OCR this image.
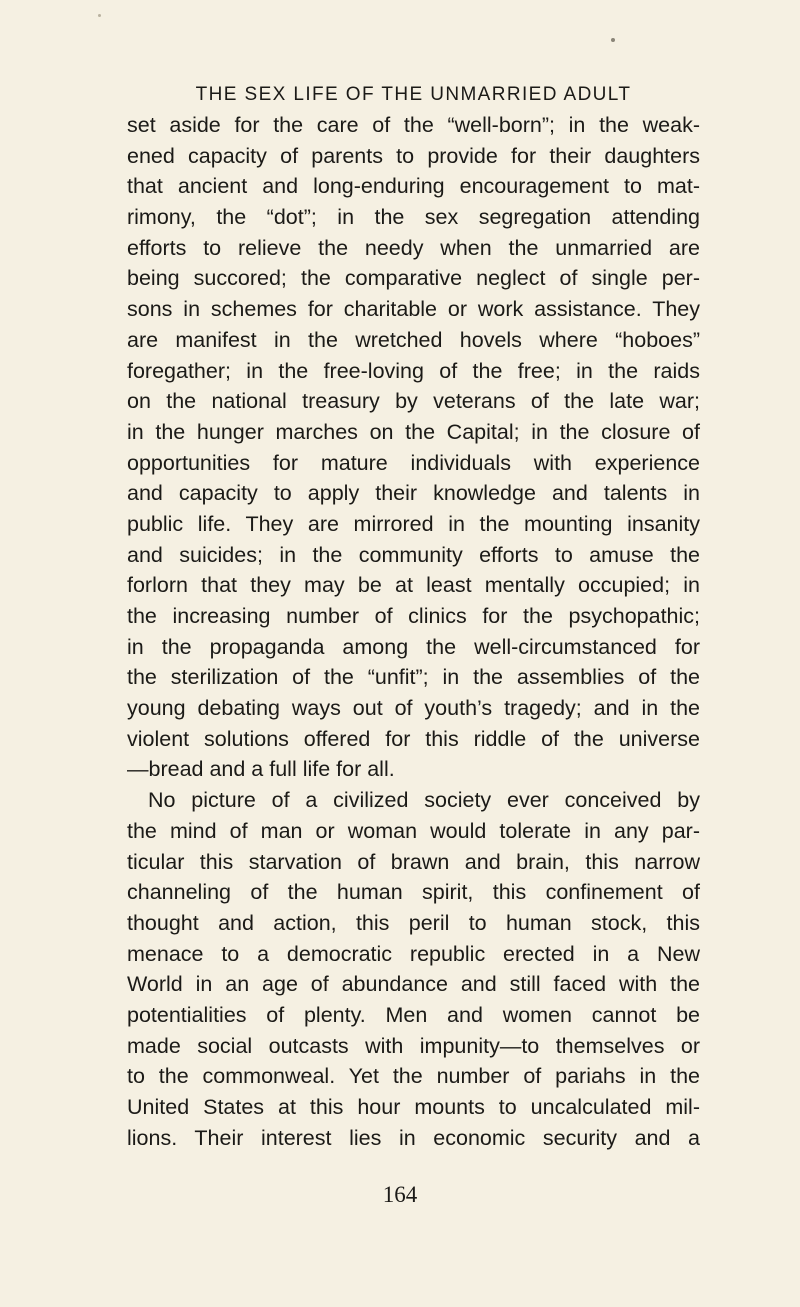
THE SEX LIFE OF THE UNMARRIED ADULT
set aside for the care of the “well-born”; in the weak-
ened capacity of parents to provide for their daughters
that ancient and long-enduring encouragement to mat-
rimony, the “dot”; in the sex segregation attending
efforts to relieve the needy when the unmarried are
being succored; the comparative neglect of single per-
sons in schemes for charitable or work assistance. They
are manifest in the wretched hovels where “hoboes”
foregather; in the free-loving of the free; in the raids
on the national treasury by veterans of the late war;
in the hunger marches on the Capital; in the closure of
opportunities for mature individuals with experience
and capacity to apply their knowledge and talents in
public life. They are mirrored in the mounting insanity
and suicides; in the community efforts to amuse the
forlorn that they may be at least mentally occupied; in
the increasing number of clinics for the psychopathic;
in the propaganda among the well-circumstanced for
the sterilization of the “unfit”; in the assemblies of the
young debating ways out of youth’s tragedy; and in the
violent solutions offered for this riddle of the universe
—bread and a full life for all.
No picture of a civilized society ever conceived by
the mind of man or woman would tolerate in any par-
ticular this starvation of brawn and brain, this narrow
channeling of the human spirit, this confinement of
thought and action, this peril to human stock, this
menace to a democratic republic erected in a New
World in an age of abundance and still faced with the
potentialities of plenty. Men and women cannot be
made social outcasts with impunity—to themselves or
to the commonweal. Yet the number of pariahs in the
United States at this hour mounts to uncalculated mil-
lions. Their interest lies in economic security and a
164
